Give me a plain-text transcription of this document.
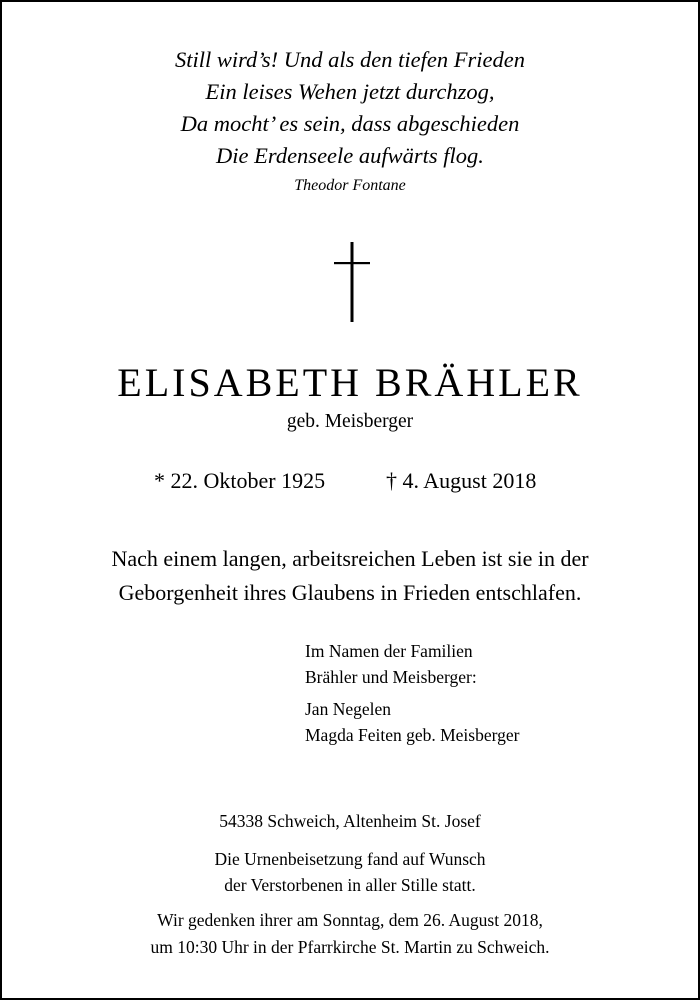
Still wird’s! Und als den tiefen Frieden
Ein leises Wehen jetzt durchzog,
Da mocht’ es sein, dass abgeschieden
Die Erdenseele aufwärts flog.
Theodor Fontane
ELISABETH BRÄHLER
geb. Meisberger
* 22. Oktober 1925	† 4. August 2018
Nach einem langen, arbeitsreichen Leben ist sie in der
Geborgenheit ihres Glaubens in Frieden entschlafen.
Im Namen der Familien
Brähler und Meisberger:
Jan Negelen
Magda Feiten geb. Meisberger
54338 Schweich, Altenheim St. Josef
Die Urnenbeisetzung fand auf Wunsch
der Verstorbenen in aller Stille statt.
Wir gedenken ihrer am Sonntag, dem 26. August 2018,
um 10:30 Uhr in der Pfarrkirche St. Martin zu Schweich.
